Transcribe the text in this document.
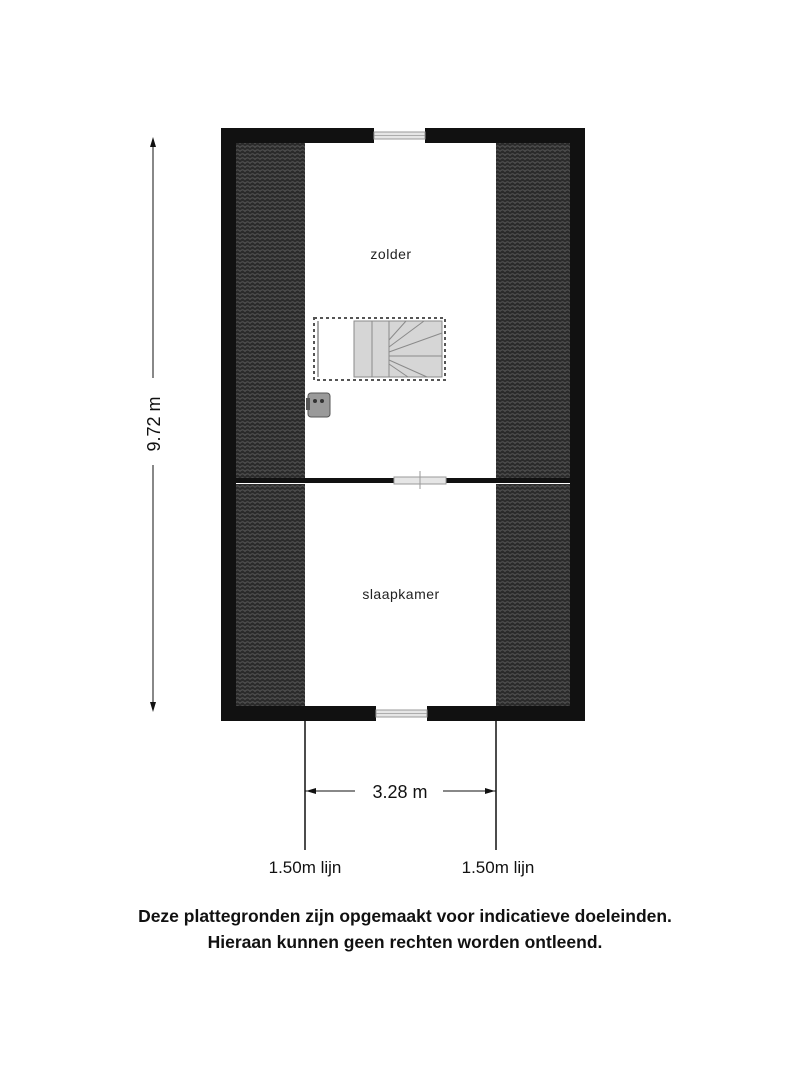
zolder
slaapkamer
9.72 m
3.28 m
1.50m lijn	1.50m lijn
Deze plattegronden zijn opgemaakt voor indicatieve doeleinden.
Hieraan kunnen geen rechten worden ontleend.
